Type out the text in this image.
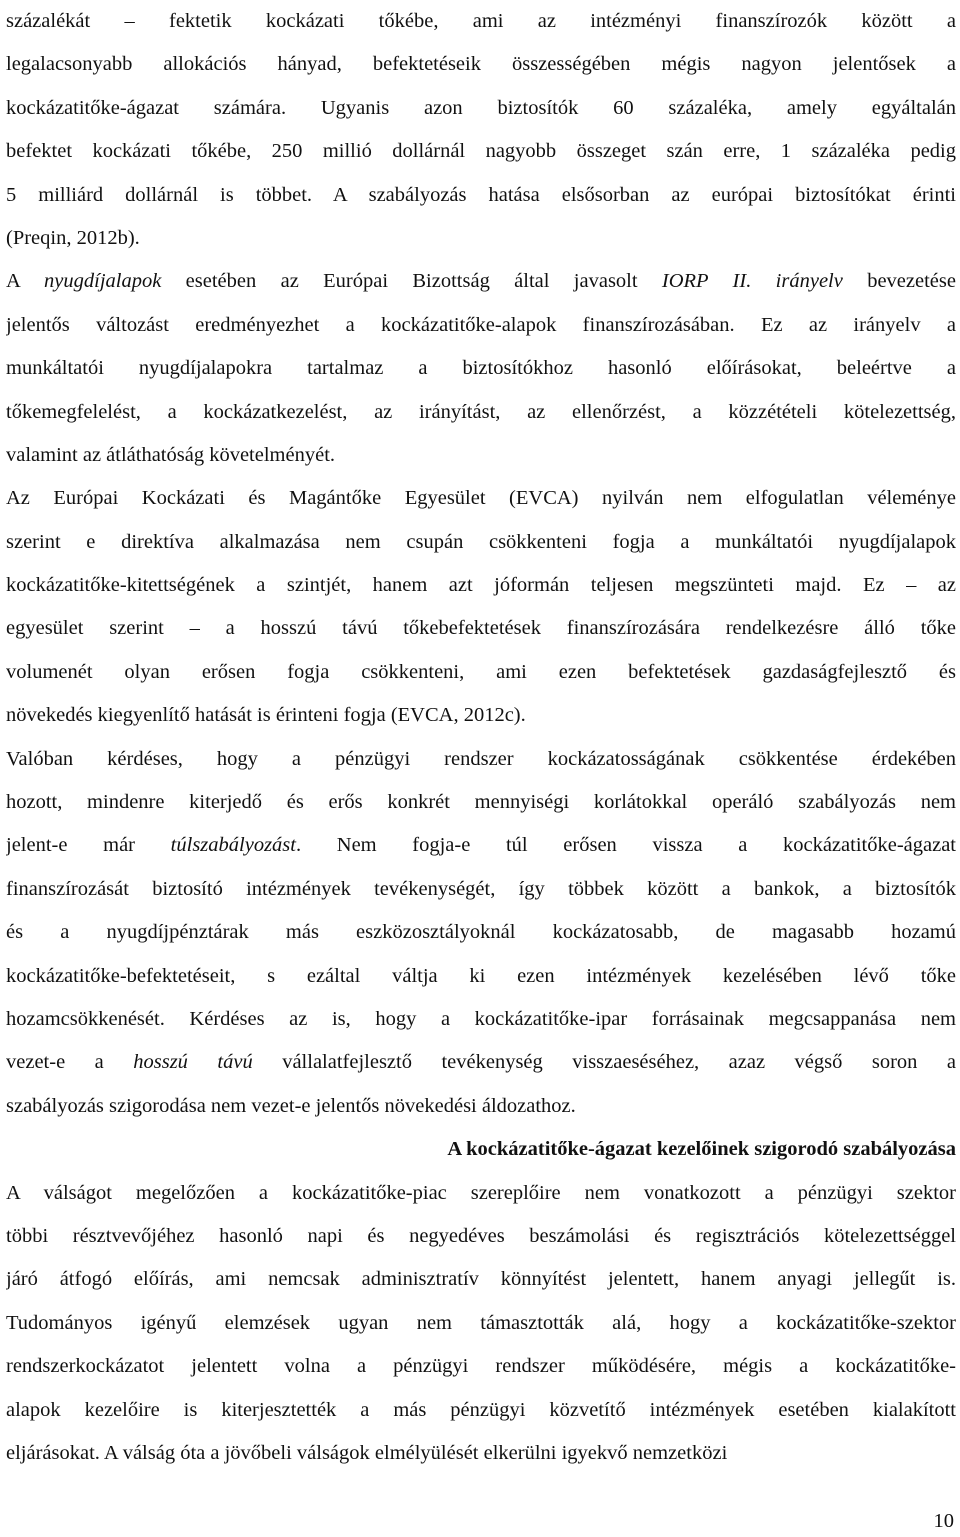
százalékát – fektetik kockázati tőkébe, ami az intézményi finanszírozók között a
legalacsonyabb allokációs hányad, befektetéseik összességében mégis nagyon jelentősek a
kockázatitőke-ágazat számára. Ugyanis azon biztosítók 60 százaléka, amely egyáltalán
befektet kockázati tőkébe, 250 millió dollárnál nagyobb összeget szán erre, 1 százaléka pedig
5 milliárd dollárnál is többet. A szabályozás hatása elsősorban az európai biztosítókat érinti
(Preqin, 2012b).
A nyugdíjalapok esetében az Európai Bizottság által javasolt IORP II. irányelv bevezetése
jelentős változást eredményezhet a kockázatitőke-alapok finanszírozásában. Ez az irányelv a
munkáltatói nyugdíjalapokra tartalmaz a biztosítókhoz hasonló előírásokat, beleértve a
tőkemegfelelést, a kockázatkezelést, az irányítást, az ellenőrzést, a közzétételi kötelezettség,
valamint az átláthatóság követelményét.
Az Európai Kockázati és Magántőke Egyesület (EVCA) nyilván nem elfogulatlan véleménye
szerint e direktíva alkalmazása nem csupán csökkenteni fogja a munkáltatói nyugdíjalapok
kockázatitőke-kitettségének a szintjét, hanem azt jóformán teljesen megszünteti majd. Ez – az
egyesület szerint – a hosszú távú tőkebefektetések finanszírozására rendelkezésre álló tőke
volumenét olyan erősen fogja csökkenteni, ami ezen befektetések gazdaságfejlesztő és
növekedés kiegyenlítő hatását is érinteni fogja (EVCA, 2012c).
Valóban kérdéses, hogy a pénzügyi rendszer kockázatosságának csökkentése érdekében
hozott, mindenre kiterjedő és erős konkrét mennyiségi korlátokkal operáló szabályozás nem
jelent-e már túlszabályozást. Nem fogja-e túl erősen vissza a kockázatitőke-ágazat
finanszírozását biztosító intézmények tevékenységét, így többek között a bankok, a biztosítók
és a nyugdíjpénztárak más eszközosztályoknál kockázatosabb, de magasabb hozamú
kockázatitőke-befektetéseit, s ezáltal váltja ki ezen intézmények kezelésében lévő tőke
hozamcsökkenését. Kérdéses az is, hogy a kockázatitőke-ipar forrásainak megcsappanása nem
vezet-e a hosszú távú vállalatfejlesztő tevékenység visszaeséséhez, azaz végső soron a
szabályozás szigorodása nem vezet-e jelentős növekedési áldozathoz.
A kockázatitőke-ágazat kezelőinek szigorodó szabályozása
A válságot megelőzően a kockázatitőke-piac szereplőire nem vonatkozott a pénzügyi szektor
többi résztvevőjéhez hasonló napi és negyedéves beszámolási és regisztrációs kötelezettséggel
járó átfogó előírás, ami nemcsak adminisztratív könnyítést jelentett, hanem anyagi jellegűt is.
Tudományos igényű elemzések ugyan nem támasztották alá, hogy a kockázatitőke-szektor
rendszerkockázatot jelentett volna a pénzügyi rendszer működésére, mégis a kockázatitőke-
alapok kezelőire is kiterjesztették a más pénzügyi közvetítő intézmények esetében kialakított
eljárásokat. A válság óta a jövőbeli válságok elmélyülését elkerülni igyekvő nemzetközi
10
